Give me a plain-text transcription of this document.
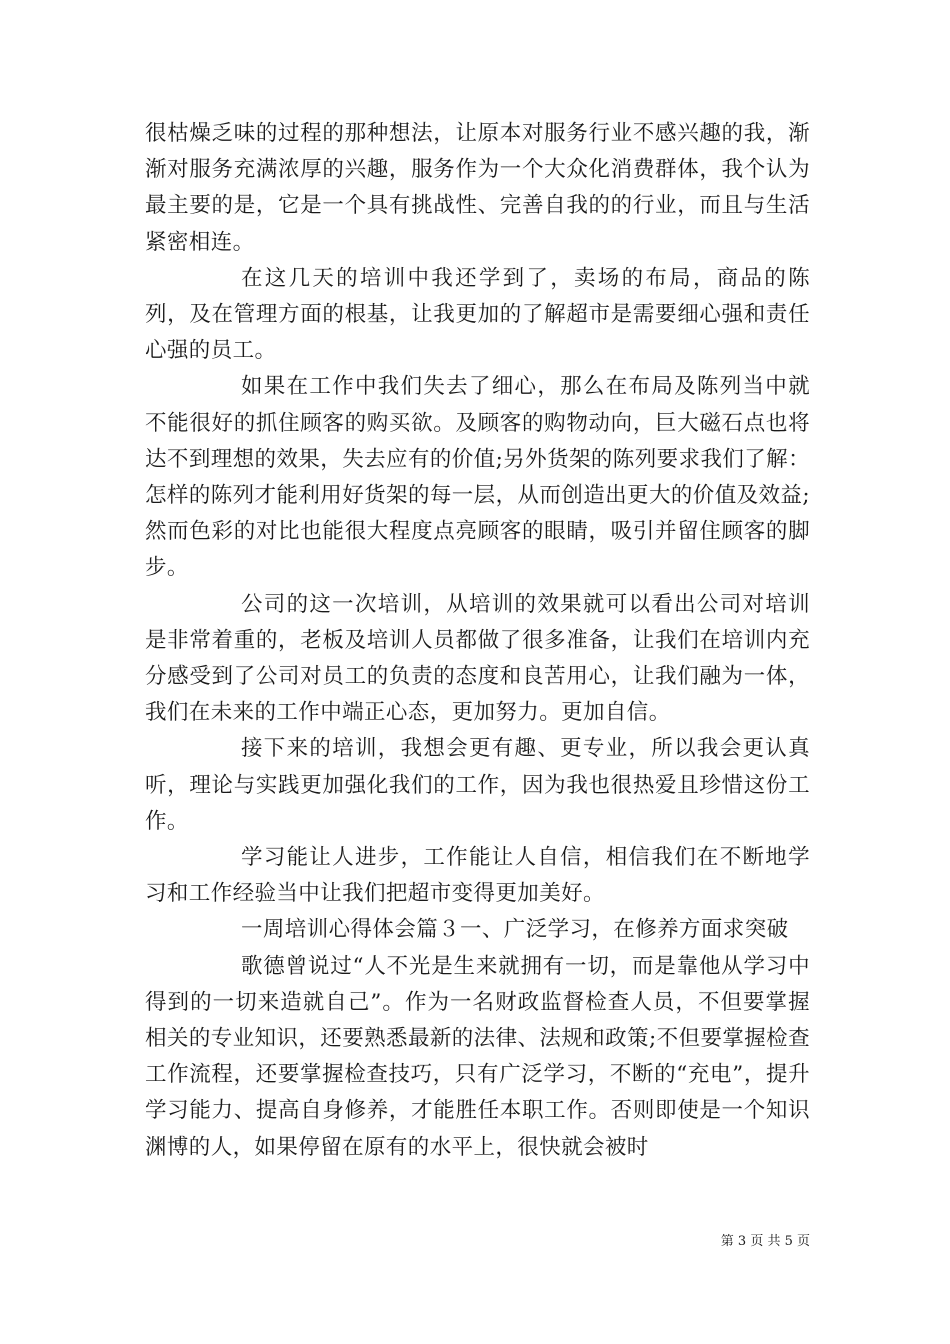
很枯燥乏味的过程的那种想法，让原本对服务行业不感兴趣的我，渐渐对服务充满浓厚的兴趣，服务作为一个大众化消费群体，我个认为最主要的是，它是一个具有挑战性、完善自我的的行业，而且与生活紧密相连。

在这几天的培训中我还学到了，卖场的布局，商品的陈列，及在管理方面的根基，让我更加的了解超市是需要细心强和责任心强的员工。

如果在工作中我们失去了细心，那么在布局及陈列当中就不能很好的抓住顾客的购买欲。及顾客的购物动向，巨大磁石点也将达不到理想的效果，失去应有的价值;另外货架的陈列要求我们了解：怎样的陈列才能利用好货架的每一层，从而创造出更大的价值及效益;然而色彩的对比也能很大程度点亮顾客的眼睛，吸引并留住顾客的脚步。

公司的这一次培训，从培训的效果就可以看出公司对培训是非常着重的，老板及培训人员都做了很多准备，让我们在培训内充分感受到了公司对员工的负责的态度和良苦用心，让我们融为一体，我们在未来的工作中端正心态，更加努力。更加自信。

接下来的培训，我想会更有趣、更专业，所以我会更认真听，理论与实践更加强化我们的工作，因为我也很热爱且珍惜这份工作。

学习能让人进步，工作能让人自信，相信我们在不断地学习和工作经验当中让我们把超市变得更加美好。

一周培训心得体会篇３一、广泛学习，在修养方面求突破

歌德曾说过“人不光是生来就拥有一切，而是靠他从学习中得到的一切来造就自己”。作为一名财政监督检查人员，不但要掌握相关的专业知识，还要熟悉最新的法律、法规和政策;不但要掌握检查工作流程，还要掌握检查技巧，只有广泛学习，不断的“充电”，提升学习能力、提高自身修养，才能胜任本职工作。否则即使是一个知识渊博的人，如果停留在原有的水平上，很快就会被时

第 3 页 共 5 页
